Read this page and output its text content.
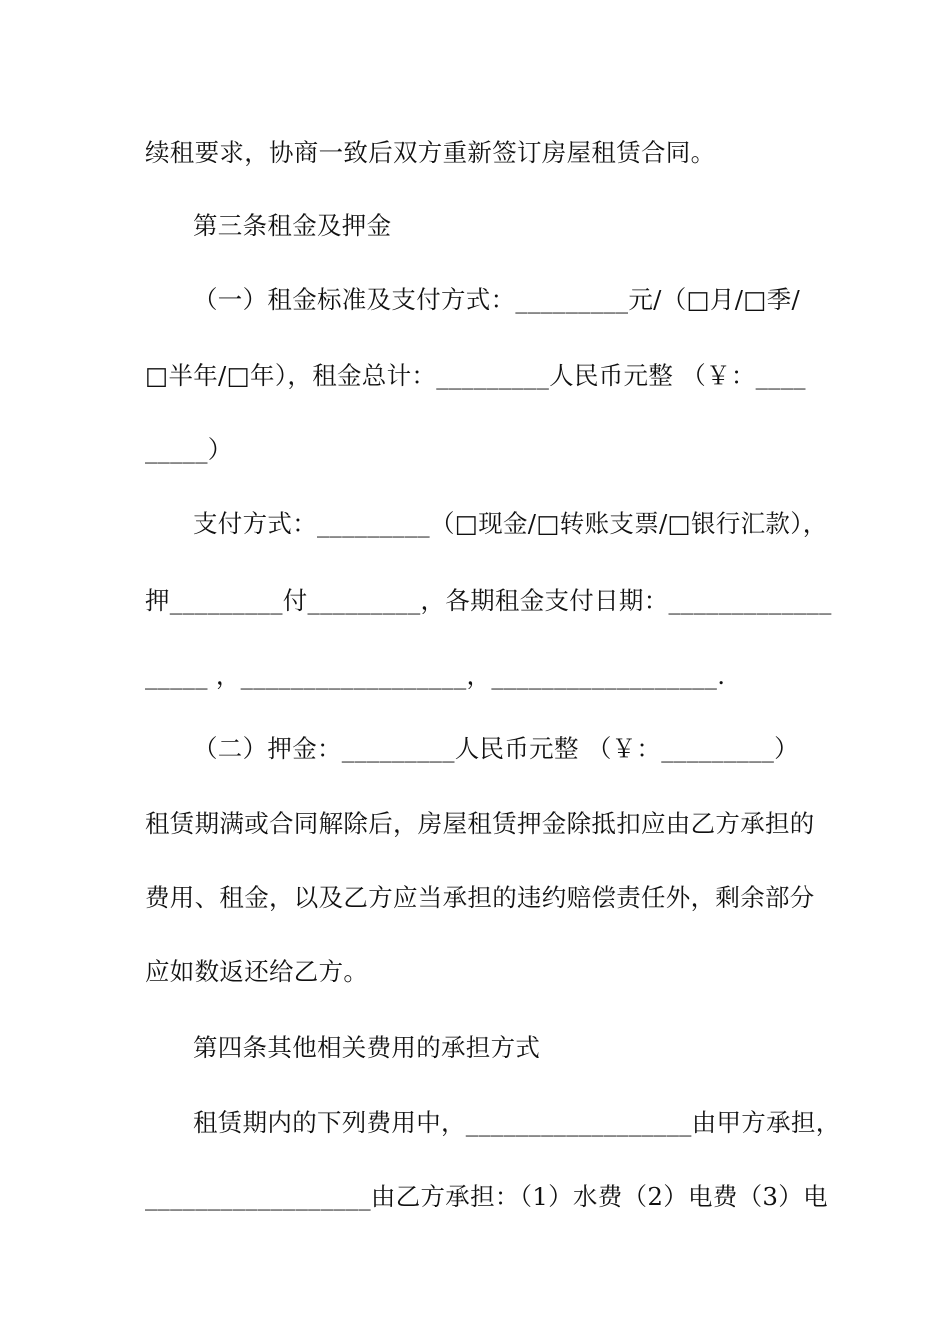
续租要求，协商一致后双方重新签订房屋租赁合同。
第三条租金及押金
（一）租金标准及支付方式：_________元/（□月/□季/
□半年/□年），租金总计：_________人民币元整 （￥：____
_____）
支付方式：_________（□现金/□转账支票/□银行汇款），
押_________付_________，各期租金支付日期：_____________
_____ ，__________________，__________________.
（二）押金：_________人民币元整 （￥：_________）
租赁期满或合同解除后，房屋租赁押金除抵扣应由乙方承担的
费用、租金，以及乙方应当承担的违约赔偿责任外，剩余部分
应如数返还给乙方。
第四条其他相关费用的承担方式
租赁期内的下列费用中，__________________由甲方承担，
__________________由乙方承担：（1）水费（2）电费（3）电
